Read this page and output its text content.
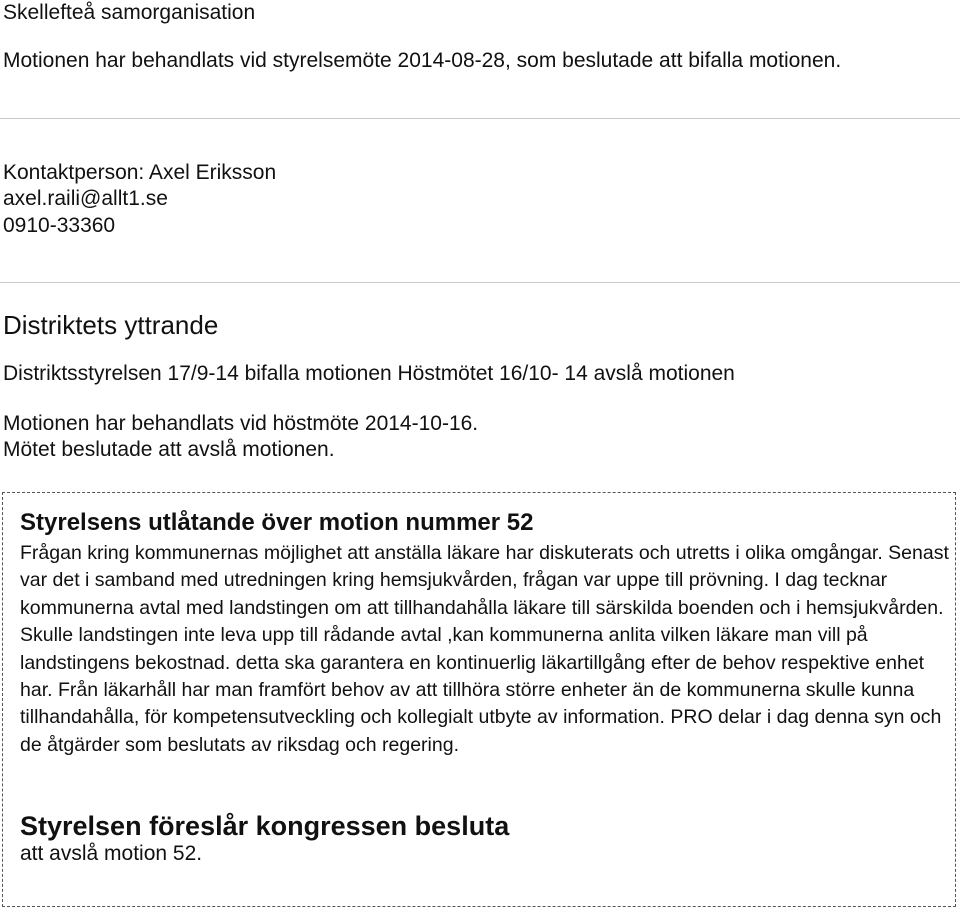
Skellefteå samorganisation
Motionen har behandlats vid styrelsemöte 2014-08-28, som beslutade att bifalla motionen.
Kontaktperson: Axel Eriksson
axel.raili@allt1.se
0910-33360
Distriktets yttrande
Distriktsstyrelsen 17/9-14 bifalla motionen Höstmötet 16/10- 14 avslå motionen
Motionen har behandlats vid höstmöte 2014-10-16.
Mötet beslutade att avslå motionen.
Styrelsens utlåtande över motion nummer 52

Frågan kring kommunernas möjlighet att anställa läkare har diskuterats och utretts i olika omgångar. Senast var det i samband med utredningen kring hemsjukvården, frågan var uppe till prövning. I dag tecknar kommunerna avtal med landstingen om att tillhandahålla läkare till särskilda boenden och i hemsjukvården. Skulle landstingen inte leva upp till rådande avtal ,kan kommunerna anlita vilken läkare man vill på landstingens bekostnad. detta ska garantera en kontinuerlig läkartillgång efter de behov respektive enhet har. Från läkarhåll har man framfört behov av att tillhöra större enheter än de kommunerna skulle kunna tillhandahålla, för kompetensutveckling och kollegialt utbyte av information. PRO delar i dag denna syn och de åtgärder som beslutats av riksdag och regering.

Styrelsen föreslår kongressen besluta
att avslå motion 52.
